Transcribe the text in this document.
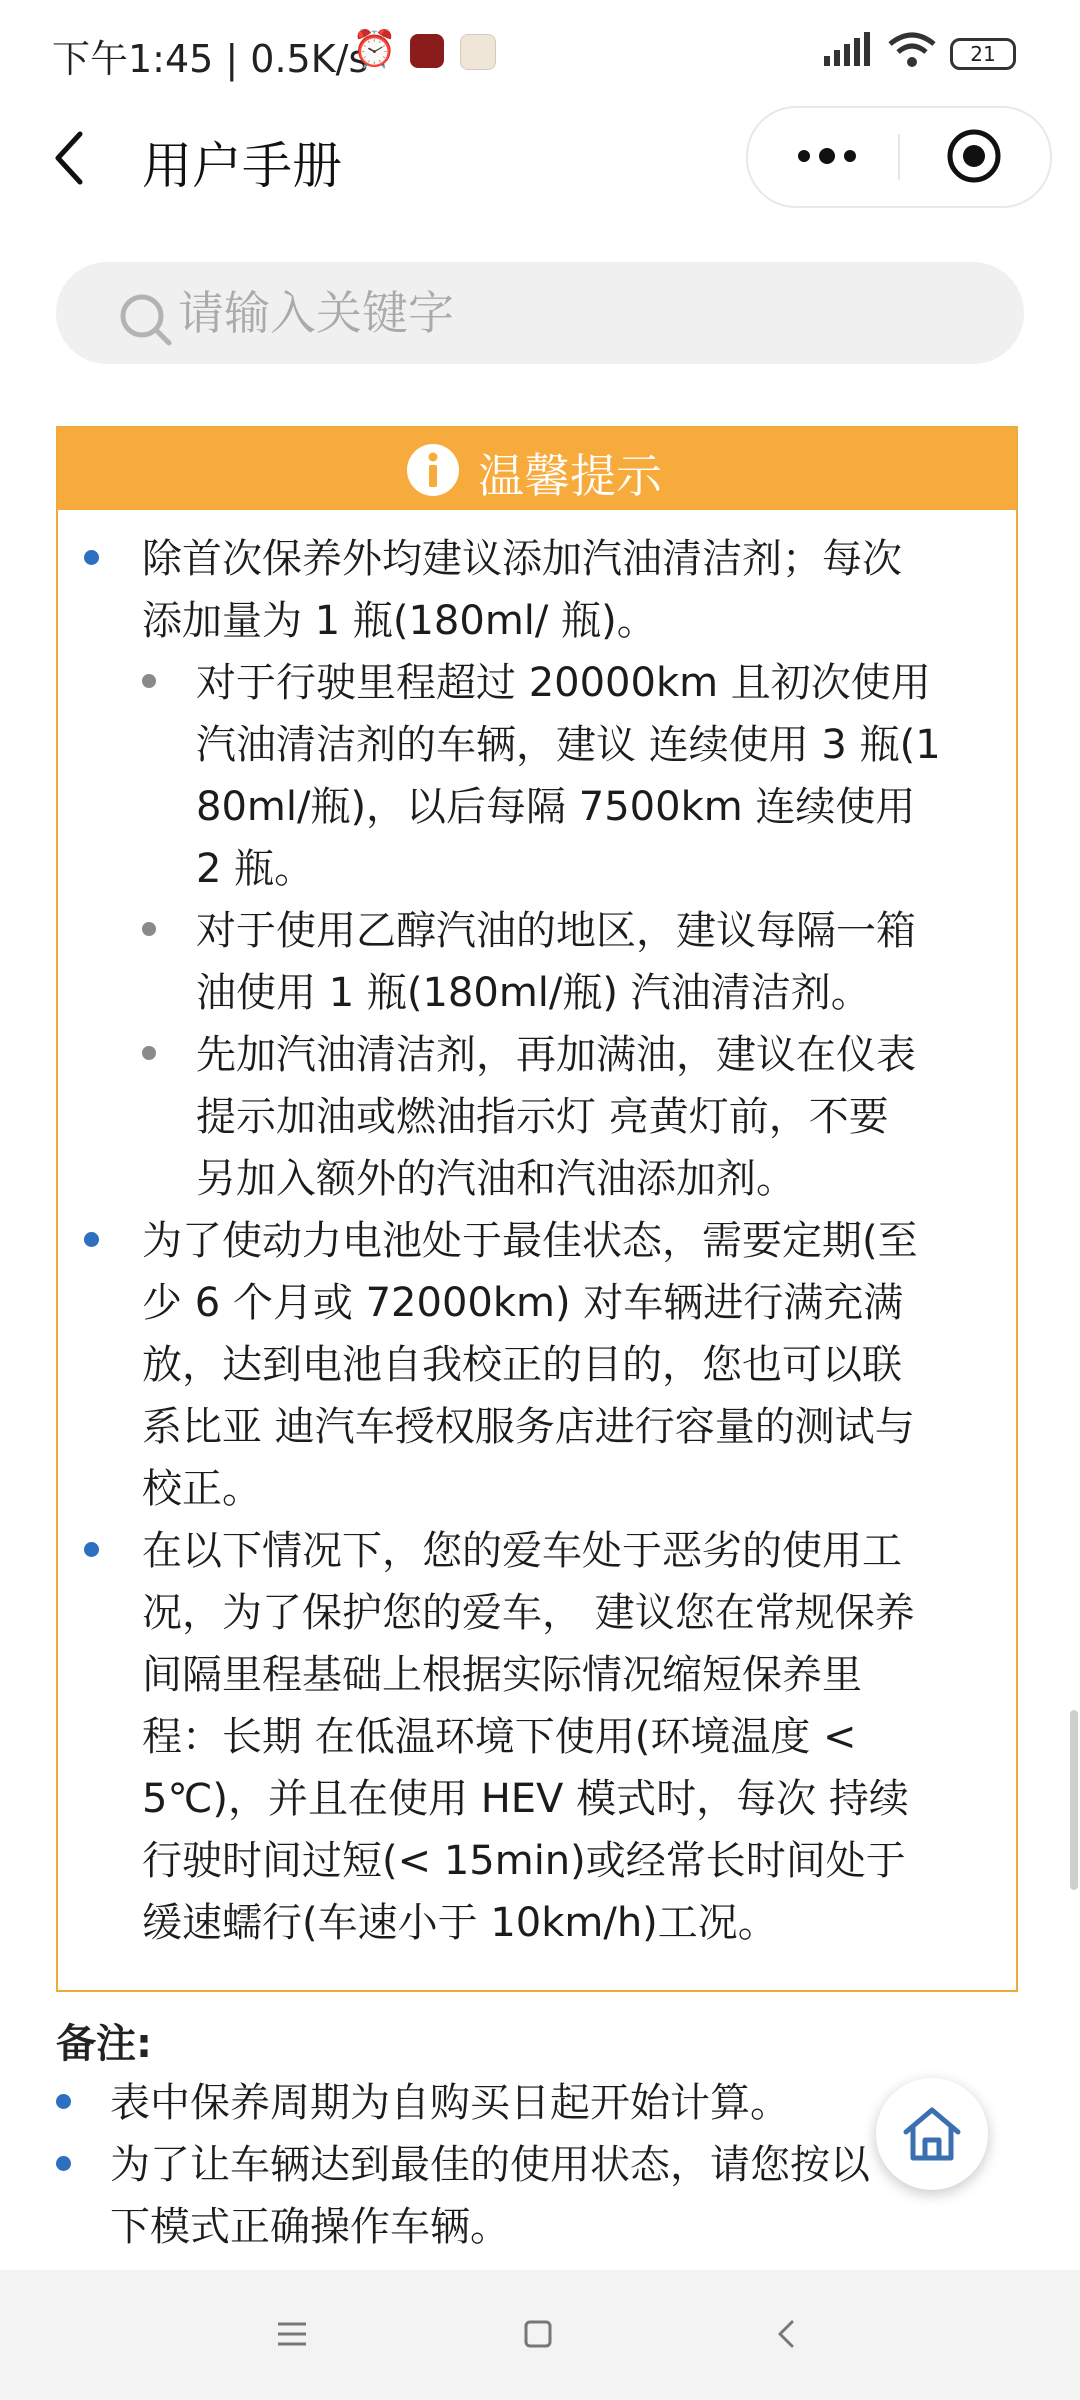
下午1:45 | 0.5K/s
⏰	21
用户手册
请输入关键字
温馨提示
除首次保养外均建议添加汽油清洁剂；每次
添加量为 1 瓶(180ml/ 瓶)。
对于行驶里程超过 20000km 且初次使用
汽油清洁剂的车辆，建议 连续使用 3 瓶(1
80ml/瓶)，以后每隔 7500km 连续使用
2 瓶。
对于使用乙醇汽油的地区，建议每隔一箱
油使用 1 瓶(180ml/瓶) 汽油清洁剂。
先加汽油清洁剂，再加满油，建议在仪表
提示加油或燃油指示灯 亮黄灯前，不要
另加入额外的汽油和汽油添加剂。
为了使动力电池处于最佳状态，需要定期(至
少 6 个月或 72000km) 对车辆进行满充满
放，达到电池自我校正的目的，您也可以联
系比亚 迪汽车授权服务店进行容量的测试与
校正。
在以下情况下，您的爱车处于恶劣的使用工
况，为了保护您的爱车， 建议您在常规保养
间隔里程基础上根据实际情况缩短保养里
程：长期 在低温环境下使用(环境温度 <
5℃)，并且在使用 HEV 模式时，每次 持续
行驶时间过短(< 15min)或经常长时间处于
缓速蠕行(车速小于 10km/h)工况。
备注:
表中保养周期为自购买日起开始计算。
为了让车辆达到最佳的使用状态，请您按以
下模式正确操作车辆。
